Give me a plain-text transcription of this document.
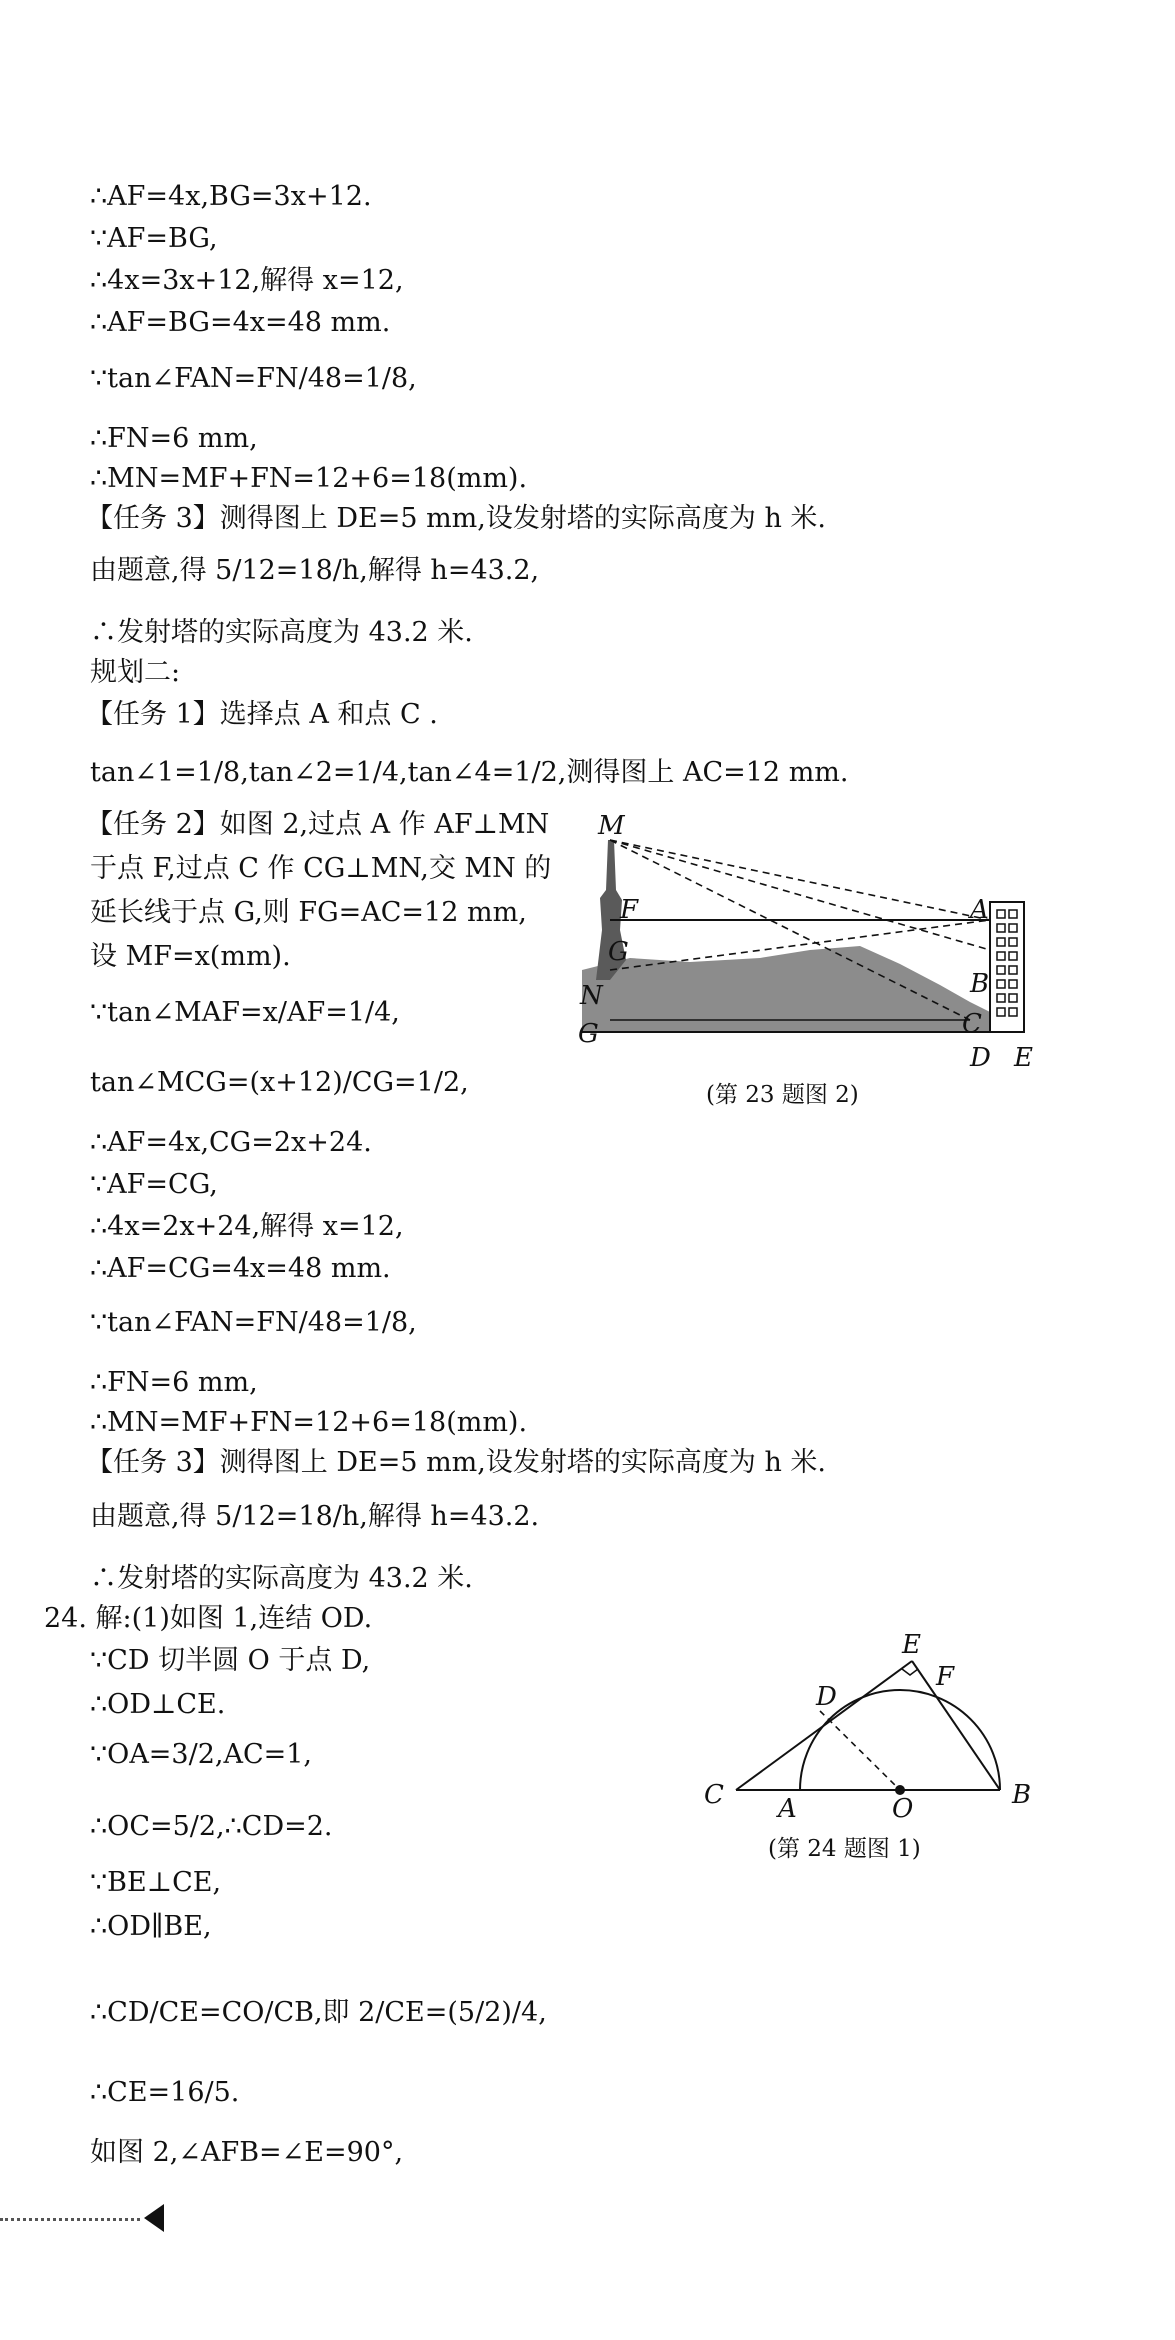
∴AF=4x,BG=3x+12.
∵AF=BG,
∴4x=3x+12,解得 x=12,
∴AF=BG=4x=48 mm.
∵tan∠FAN=FN/48=1/8,
∴FN=6 mm,
∴MN=MF+FN=12+6=18(mm).
【任务 3】测得图上 DE=5 mm,设发射塔的实际高度为 h 米.
由题意,得 5/12=18/h,解得 h=43.2,
∴发射塔的实际高度为 43.2 米.
规划二:
【任务 1】选择点 A 和点 C .
tan∠1=1/8,tan∠2=1/4,tan∠4=1/2,测得图上 AC=12 mm.
【任务 2】如图 2,过点 A 作 AF⊥MN
于点 F,过点 C 作 CG⊥MN,交 MN 的
延长线于点 G,则 FG=AC=12 mm,
设 MF=x(mm).
∵tan∠MAF=x/AF=1/4,
tan∠MCG=(x+12)/CG=1/2,
∴AF=4x,CG=2x+24.
∵AF=CG,
∴4x=2x+24,解得 x=12,
∴AF=CG=4x=48 mm.
∵tan∠FAN=FN/48=1/8,
∴FN=6 mm,
∴MN=MF+FN=12+6=18(mm).
【任务 3】测得图上 DE=5 mm,设发射塔的实际高度为 h 米.
由题意,得 5/12=18/h,解得 h=43.2.
∴发射塔的实际高度为 43.2 米.
M
F
G
N
G
A
B
C
D E
(第 23 题图 2)
24. 解:(1)如图 1,连结 OD.
∵CD 切半圆 O 于点 D,
∴OD⊥CE.
∵OA=3/2,AC=1,
∴OC=5/2,∴CD=2.
∵BE⊥CE,
∴OD∥BE,
∴CD/CE=CO/CB,即 2/CE=(5/2)/4,
∴CE=16/5.
如图 2,∠AFB=∠E=90°,
C A	O	B
D
E
F
(第 24 题图 1)
